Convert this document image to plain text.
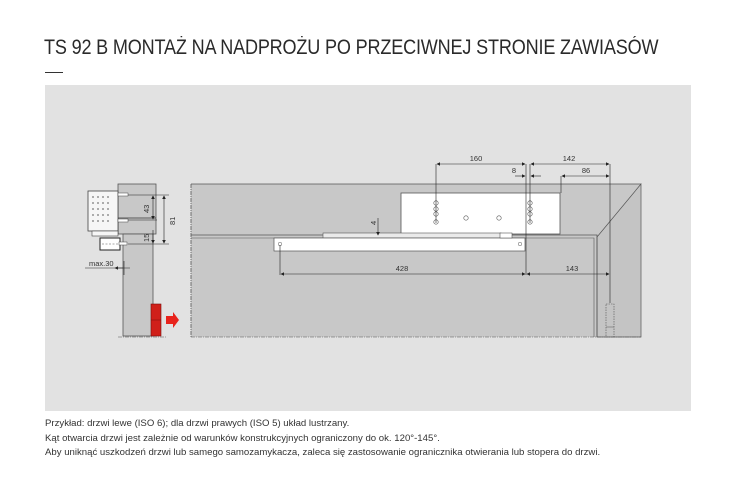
TS 92 B MONTAŻ NA NADPROŻU PO PRZECIWNEJ STRONIE ZAWIASÓW
43
81
15
max.30
4
160	142
8	86
428	143
Przykład: drzwi lewe (ISO 6); dla drzwi prawych (ISO 5) układ lustrzany.
Kąt otwarcia drzwi jest zależnie od warunków konstrukcyjnych ograniczony do ok. 120°-145°.
Aby uniknąć uszkodzeń drzwi lub samego samozamykacza, zaleca się zastosowanie ogranicznika otwierania lub stopera do drzwi.
